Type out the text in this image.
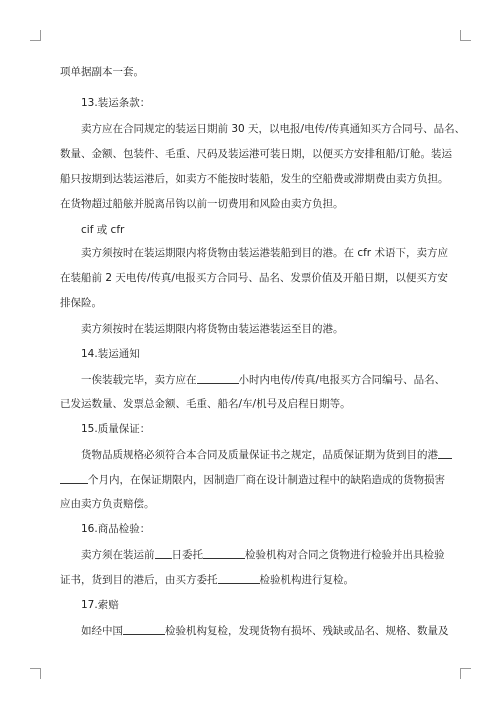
项单据副本一套。
13.装运条款：
卖方应在合同规定的装运日期前 30 天，以电报/电传/传真通知买方合同号、品名、
数量、金额、包装件、毛重、尺码及装运港可装日期，以便买方安排租船/订舱。装运
船只按期到达装运港后，如卖方不能按时装船，发生的空船费或滞期费由卖方负担。
在货物超过船舷并脱离吊钩以前一切费用和风险由卖方负担。
cif 或 cfr
卖方须按时在装运期限内将货物由装运港装船到目的港。在 cfr 术语下，卖方应
在装船前 2 天电传/传真/电报买方合同号、品名、发票价值及开船日期，以便买方安
排保险。
卖方须按时在装运期限内将货物由装运港装运至目的港。
14.装运通知
一俟装载完毕，卖方应在	小时内电传/传真/电报买方合同编号、品名、
已发运数量、发票总金额、毛重、船名/车/机号及启程日期等。
15.质量保证：
货物品质规格必须符合本合同及质量保证书之规定，品质保证期为货到目的港
个月内，在保证期限内，因制造厂商在设计制造过程中的缺陷造成的货物损害
应由卖方负责赔偿。
16.商品检验：
卖方须在装运前 日委托	检验机构对合同之货物进行检验并出具检验
证书，货到目的港后，由买方委托	检验机构进行复检。
17.索赔
如经中国	检验机构复检，发现货物有损坏、残缺或品名、规格、数量及
